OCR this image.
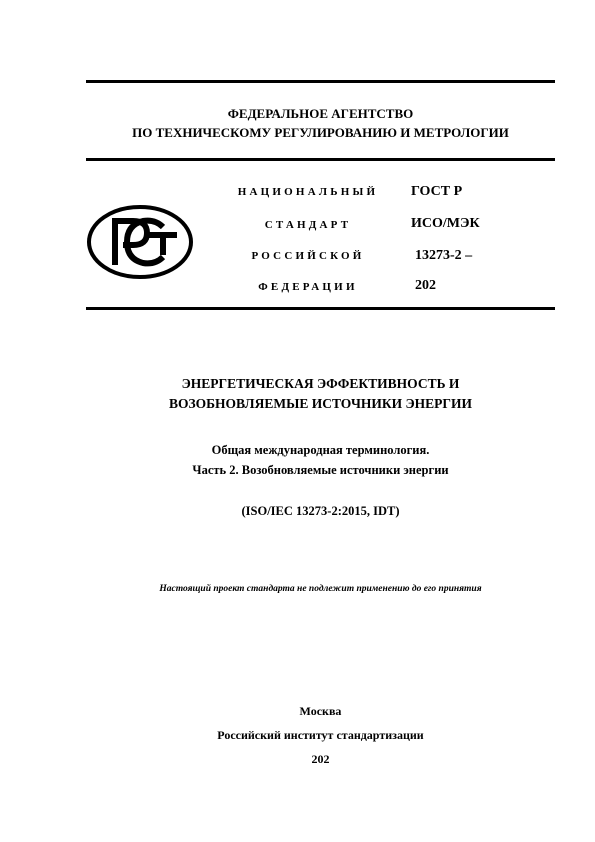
ФЕДЕРАЛЬНОЕ АГЕНТСТВО
ПО ТЕХНИЧЕСКОМУ РЕГУЛИРОВАНИЮ И МЕТРОЛОГИИ
НАЦИОНАЛЬНЫЙ
СТАНДАРТ
РОССИЙСКОЙ
ФЕДЕРАЦИИ
ГОСТ Р
ИСО/МЭК
13273-2 –
202
ЭНЕРГЕТИЧЕСКАЯ ЭФФЕКТИВНОСТЬ И
ВОЗОБНОВЛЯЕМЫЕ ИСТОЧНИКИ ЭНЕРГИИ
Общая международная терминология.
Часть 2. Возобновляемые источники энергии
(ISO/IEC 13273-2:2015, IDT)
Настоящий проект стандарта не подлежит применению до его принятия
Москва
Российский институт стандартизации
202
